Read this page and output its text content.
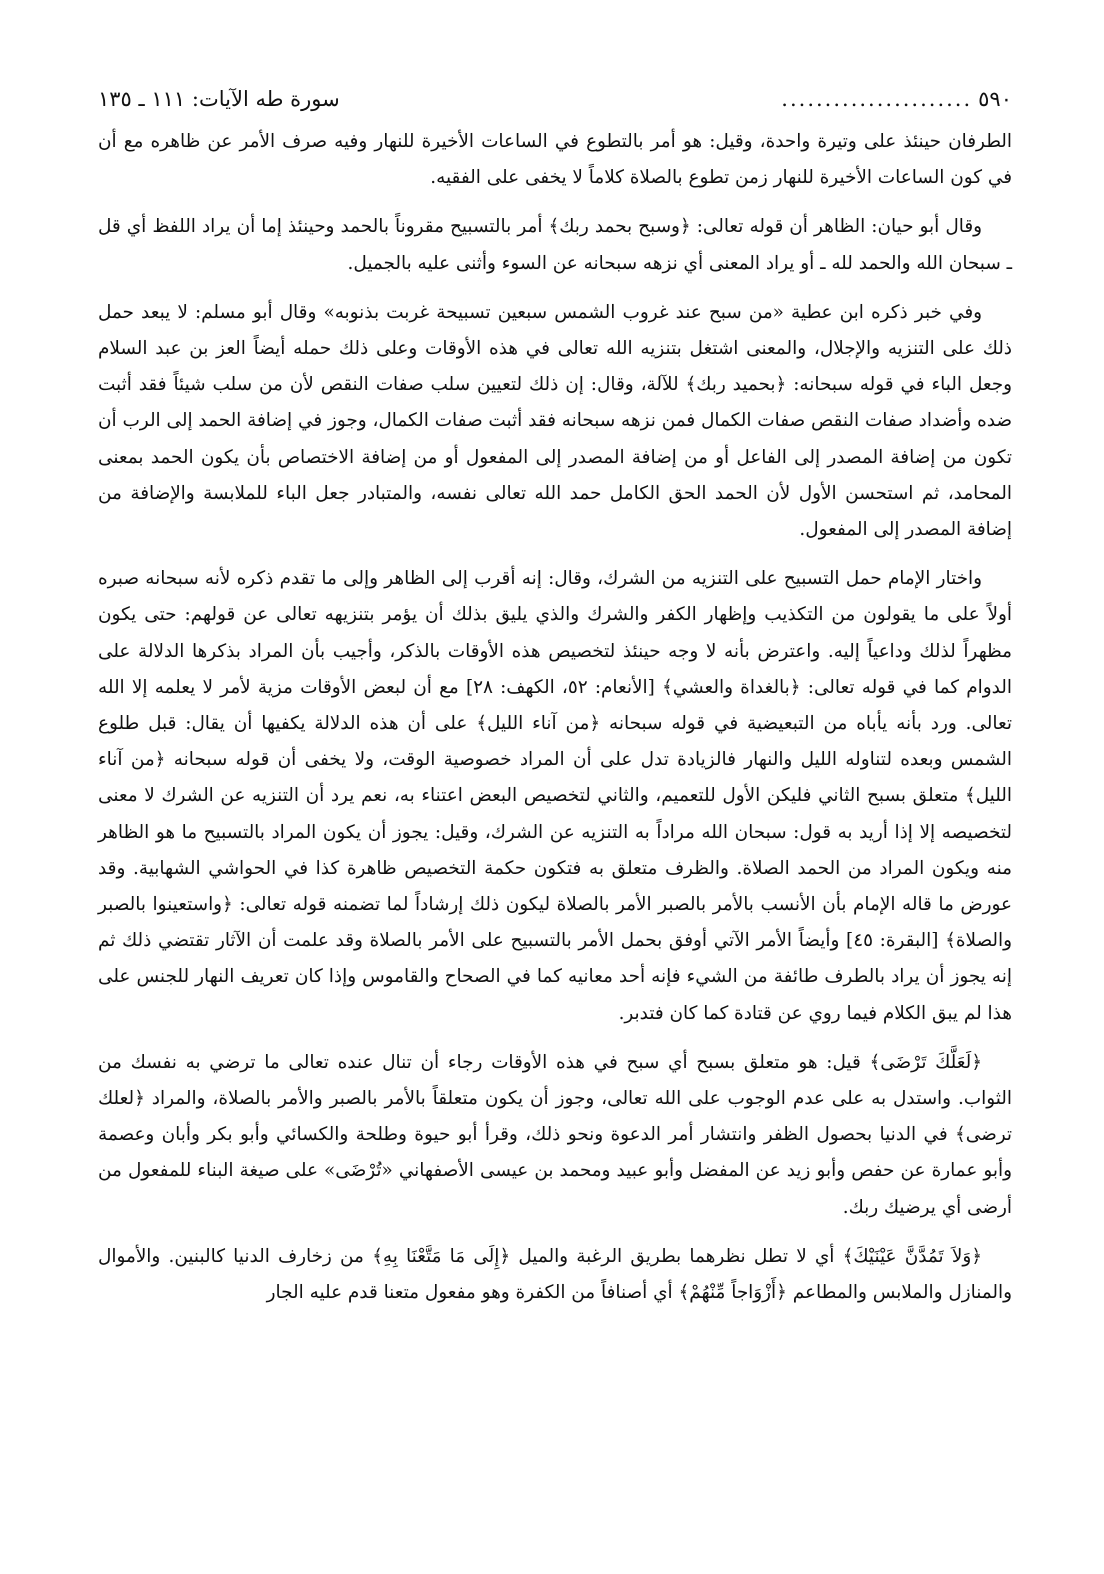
٥٩٠
......................
سورة طه الآيات: ١١١ ـ ١٣٥

الطرفان حينئذ على وتيرة واحدة، وقيل: هو أمر بالتطوع في الساعات الأخيرة للنهار وفيه صرف الأمر عن ظاهره مع أن في كون الساعات الأخيرة للنهار زمن تطوع بالصلاة كلاماً لا يخفى على الفقيه.

وقال أبو حيان: الظاهر أن قوله تعالى: ﴿وسبح بحمد ربك﴾ أمر بالتسبيح مقروناً بالحمد وحينئذ إما أن يراد اللفظ أي قل ـ سبحان الله والحمد لله ـ أو يراد المعنى أي نزهه سبحانه عن السوء وأثنى عليه بالجميل.

وفي خبر ذكره ابن عطية «من سبح عند غروب الشمس سبعين تسبيحة غربت بذنوبه» وقال أبو مسلم: لا يبعد حمل ذلك على التنزيه والإجلال، والمعنى اشتغل بتنزيه الله تعالى في هذه الأوقات وعلى ذلك حمله أيضاً العز بن عبد السلام وجعل الباء في قوله سبحانه: ﴿بحميد ربك﴾ للآلة، وقال: إن ذلك لتعيين سلب صفات النقص لأن من سلب شيئاً فقد أثبت ضده وأضداد صفات النقص صفات الكمال فمن نزهه سبحانه فقد أثبت صفات الكمال، وجوز في إضافة الحمد إلى الرب أن تكون من إضافة المصدر إلى الفاعل أو من إضافة المصدر إلى المفعول أو من إضافة الاختصاص بأن يكون الحمد بمعنى المحامد، ثم استحسن الأول لأن الحمد الحق الكامل حمد الله تعالى نفسه، والمتبادر جعل الباء للملابسة والإضافة من إضافة المصدر إلى المفعول.

واختار الإمام حمل التسبيح على التنزيه من الشرك، وقال: إنه أقرب إلى الظاهر وإلى ما تقدم ذكره لأنه سبحانه صبره أولاً على ما يقولون من التكذيب وإظهار الكفر والشرك والذي يليق بذلك أن يؤمر بتنزيهه تعالى عن قولهم: حتى يكون مظهراً لذلك وداعياً إليه. واعترض بأنه لا وجه حينئذ لتخصيص هذه الأوقات بالذكر، وأجيب بأن المراد بذكرها الدلالة على الدوام كما في قوله تعالى: ﴿بالغداة والعشي﴾ [الأنعام: ٥٢، الكهف: ٢٨] مع أن لبعض الأوقات مزية لأمر لا يعلمه إلا الله تعالى. ورد بأنه يأباه من التبعيضية في قوله سبحانه ﴿من آناء الليل﴾ على أن هذه الدلالة يكفيها أن يقال: قبل طلوع الشمس وبعده لتناوله الليل والنهار فالزيادة تدل على أن المراد خصوصية الوقت، ولا يخفى أن قوله سبحانه ﴿من آناء الليل﴾ متعلق بسبح الثاني فليكن الأول للتعميم، والثاني لتخصيص البعض اعتناء به، نعم يرد أن التنزيه عن الشرك لا معنى لتخصيصه إلا إذا أريد به قول: سبحان الله مراداً به التنزيه عن الشرك، وقيل: يجوز أن يكون المراد بالتسبيح ما هو الظاهر منه ويكون المراد من الحمد الصلاة. والظرف متعلق به فتكون حكمة التخصيص ظاهرة كذا في الحواشي الشهابية. وقد عورض ما قاله الإمام بأن الأنسب بالأمر بالصبر الأمر بالصلاة ليكون ذلك إرشاداً لما تضمنه قوله تعالى: ﴿واستعينوا بالصبر والصلاة﴾ [البقرة: ٤٥] وأيضاً الأمر الآتي أوفق بحمل الأمر بالتسبيح على الأمر بالصلاة وقد علمت أن الآثار تقتضي ذلك ثم إنه يجوز أن يراد بالطرف طائفة من الشيء فإنه أحد معانيه كما في الصحاح والقاموس وإذا كان تعريف النهار للجنس على هذا لم يبق الكلام فيما روي عن قتادة كما كان فتدبر.

﴿لَعَلَّكَ تَرْضَى﴾ قيل: هو متعلق بسبح أي سبح في هذه الأوقات رجاء أن تنال عنده تعالى ما ترضي به نفسك من الثواب. واستدل به على عدم الوجوب على الله تعالى، وجوز أن يكون متعلقاً بالأمر بالصبر والأمر بالصلاة، والمراد ﴿لعلك ترضى﴾ في الدنيا بحصول الظفر وانتشار أمر الدعوة ونحو ذلك، وقرأ أبو حيوة وطلحة والكسائي وأبو بكر وأبان وعصمة وأبو عمارة عن حفص وأبو زيد عن المفضل وأبو عبيد ومحمد بن عيسى الأصفهاني «تُرْضَى» على صيغة البناء للمفعول من أرضى أي يرضيك ربك.

﴿وَلاَ تَمُدَّنَّ عَيْنَيْكَ﴾ أي لا تطل نظرهما بطريق الرغبة والميل ﴿إِلَى مَا مَتَّعْنَا بِهِ﴾ من زخارف الدنيا كالبنين. والأموال والمنازل والملابس والمطاعم ﴿أَزْوَاجاً مِّنْهُمْ﴾ أي أصنافاً من الكفرة وهو مفعول متعنا قدم عليه الجار
